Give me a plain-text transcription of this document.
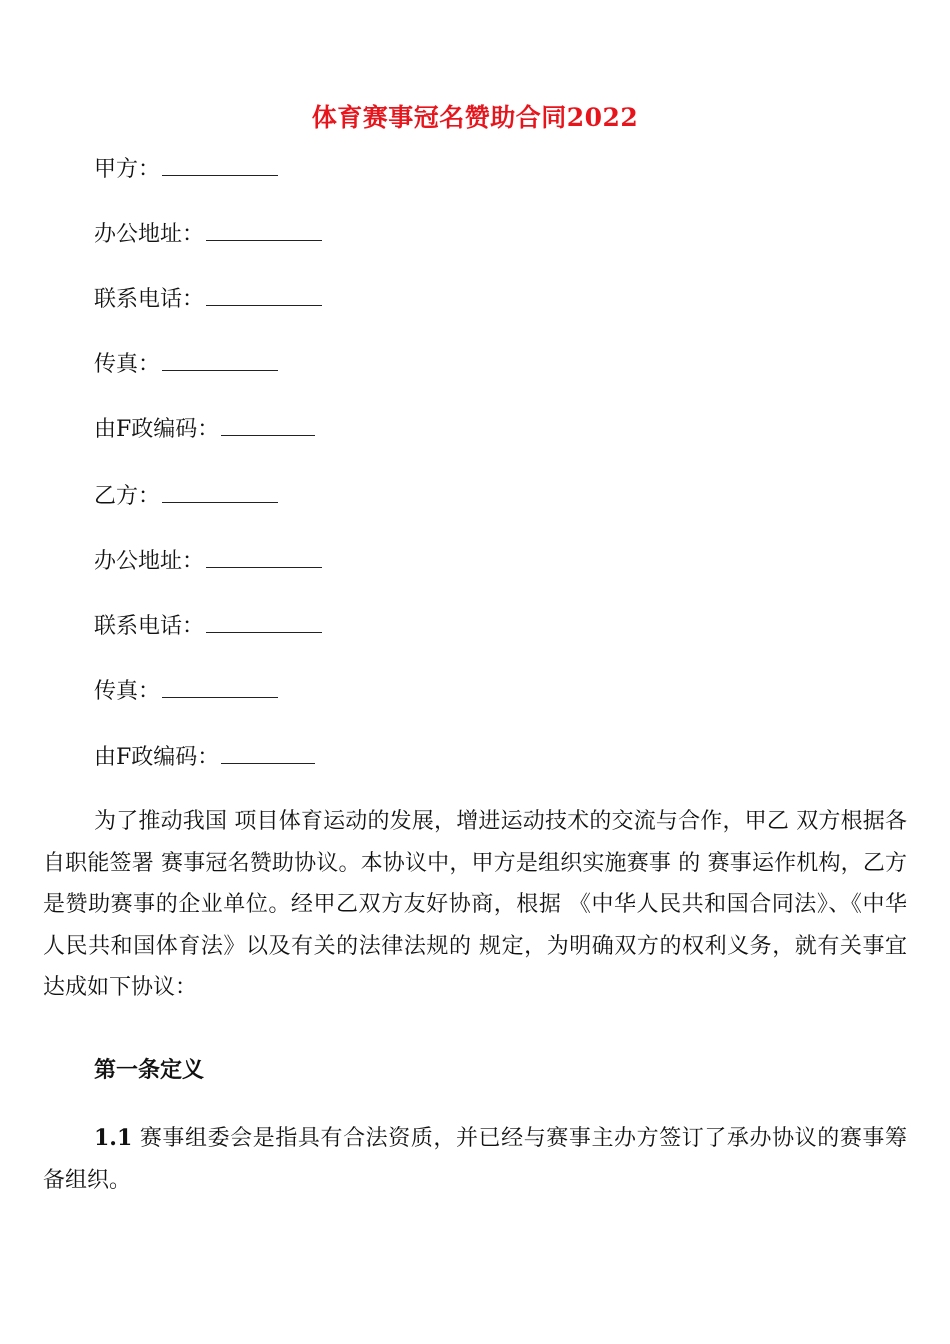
体育赛事冠名赞助合同2022
甲方：
办公地址：
联系电话：
传真：
由F政编码：
乙方：
办公地址：
联系电话：
传真：
由F政编码：

为了推动我国 项目体育运动的发展，增进运动技术的交流与合作，甲乙 双方根据各自职能签署 赛事冠名赞助协议。本协议中，甲方是组织实施赛事 的 赛事运作机构，乙方是赞助赛事的企业单位。经甲乙双方友好协商，根据 《中华人民共和国合同法》、《中华人民共和国体育法》以及有关的法律法规的 规定，为明确双方的权利义务，就有关事宜达成如下协议：

第一条定义

1.1 赛事组委会是指具有合法资质，并已经与赛事主办方签订了承办协议的赛事筹备组织。
